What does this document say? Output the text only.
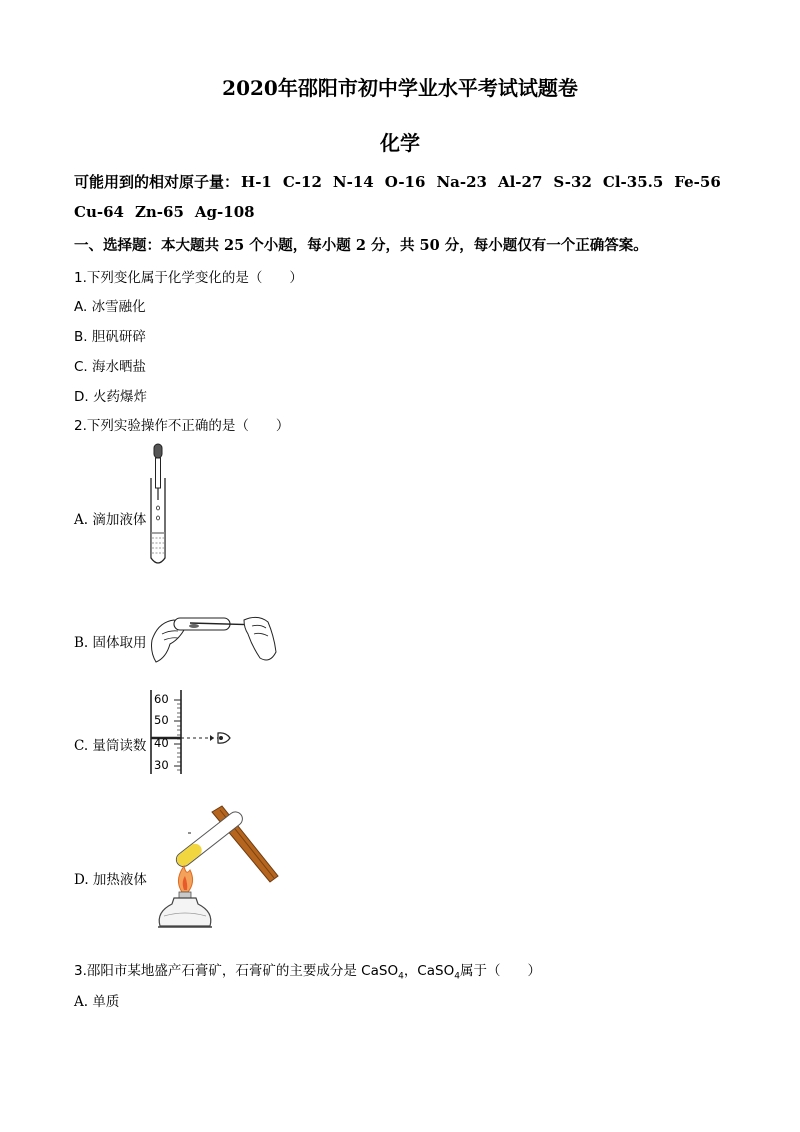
2020年邵阳市初中学业水平考试试题卷
化学
可能用到的相对原子量： H-1 C-12 N-14 O-16 Na-23 Al-27 S-32 Cl-35.5 Fe-56
Cu-64 Zn-65 Ag-108
一、选择题：本大题共 25 个小题，每小题 2 分，共 50 分，每小题仅有一个正确答案。
1.下列变化属于化学变化的是（　　）
A. 冰雪融化
B. 胆矾研碎
C. 海水晒盐
D. 火药爆炸
2.下列实验操作不正确的是（　　）
A. 滴加液体
B. 固体取用
60
50
40
30
C. 量筒读数
D. 加热液体
3.邵阳市某地盛产石膏矿，石膏矿的主要成分是 CaSO$_4$，CaSO$_4$属于（　　）
A. 单质
